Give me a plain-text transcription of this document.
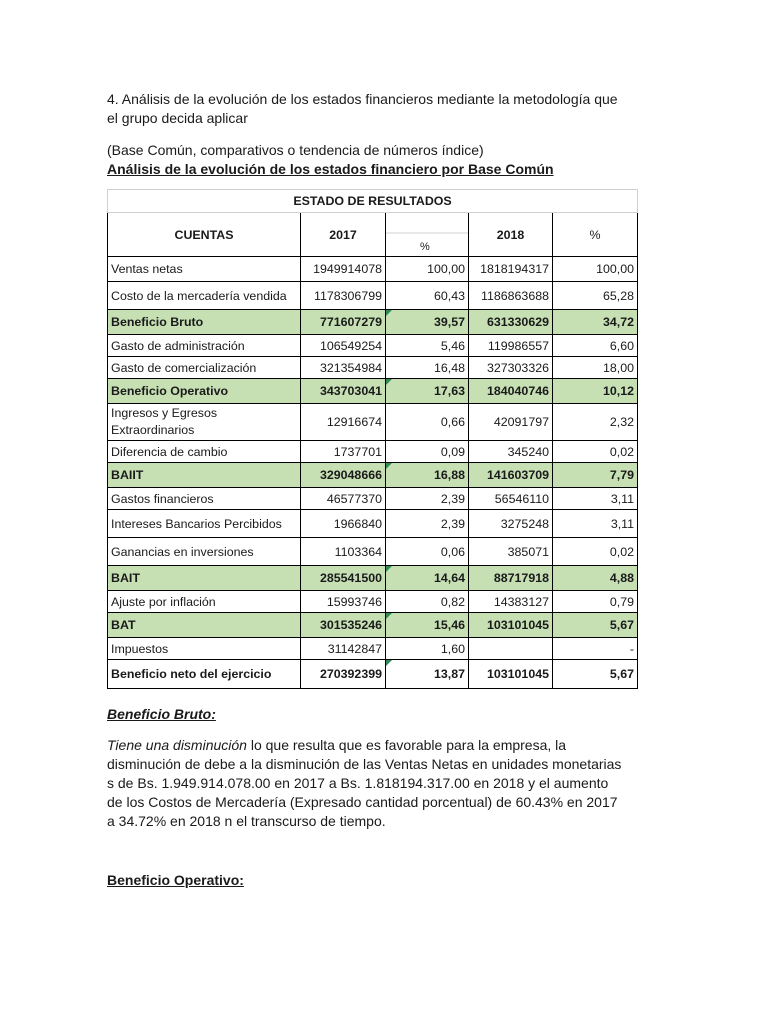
4. Análisis de la evolución de los estados financieros mediante la metodología que

el grupo decida aplicar

(Base Común, comparativos o tendencia de números índice)

Análisis de la evolución de los estados financiero por Base Común

ESTADO DE RESULTADOS				
CUENTAS	2017	%	2018	%
Ventas netas	1949914078	100,00	1818194317	100,00
Costo de la mercadería vendida	1178306799	60,43	1186863688	65,28
Beneficio Bruto	771607279	39,57	631330629	34,72
Gasto de administración	106549254	5,46	119986557	6,60
Gasto de comercialización	321354984	16,48	327303326	18,00
Beneficio Operativo	343703041	17,63	184040746	10,12
Ingresos y Egresos Extraordinarios	12916674	0,66	42091797	2,32
Diferencia de cambio	1737701	0,09	345240	0,02
BAIIT	329048666	16,88	141603709	7,79
Gastos financieros	46577370	2,39	56546110	3,11
Intereses Bancarios Percibidos	1966840	2,39	3275248	3,11
Ganancias en inversiones	1103364	0,06	385071	0,02
BAIT	285541500	14,64	88717918	4,88
Ajuste por inflación	15993746	0,82	14383127	0,79
BAT	301535246	15,46	103101045	5,67
Impuestos	31142847	1,60		-
Beneficio neto del ejercicio	270392399	13,87	103101045	5,67

Beneficio Bruto:

Tiene una disminución lo que resulta que es favorable para la empresa, la
disminución de debe a la disminución de las Ventas Netas en unidades monetarias
s de Bs. 1.949.914.078.00 en 2017 a Bs. 1.818194.317.00 en 2018 y el aumento
de los Costos de Mercadería (Expresado cantidad porcentual) de 60.43% en 2017
a 34.72% en 2018 n el transcurso de tiempo.

Beneficio Operativo:
